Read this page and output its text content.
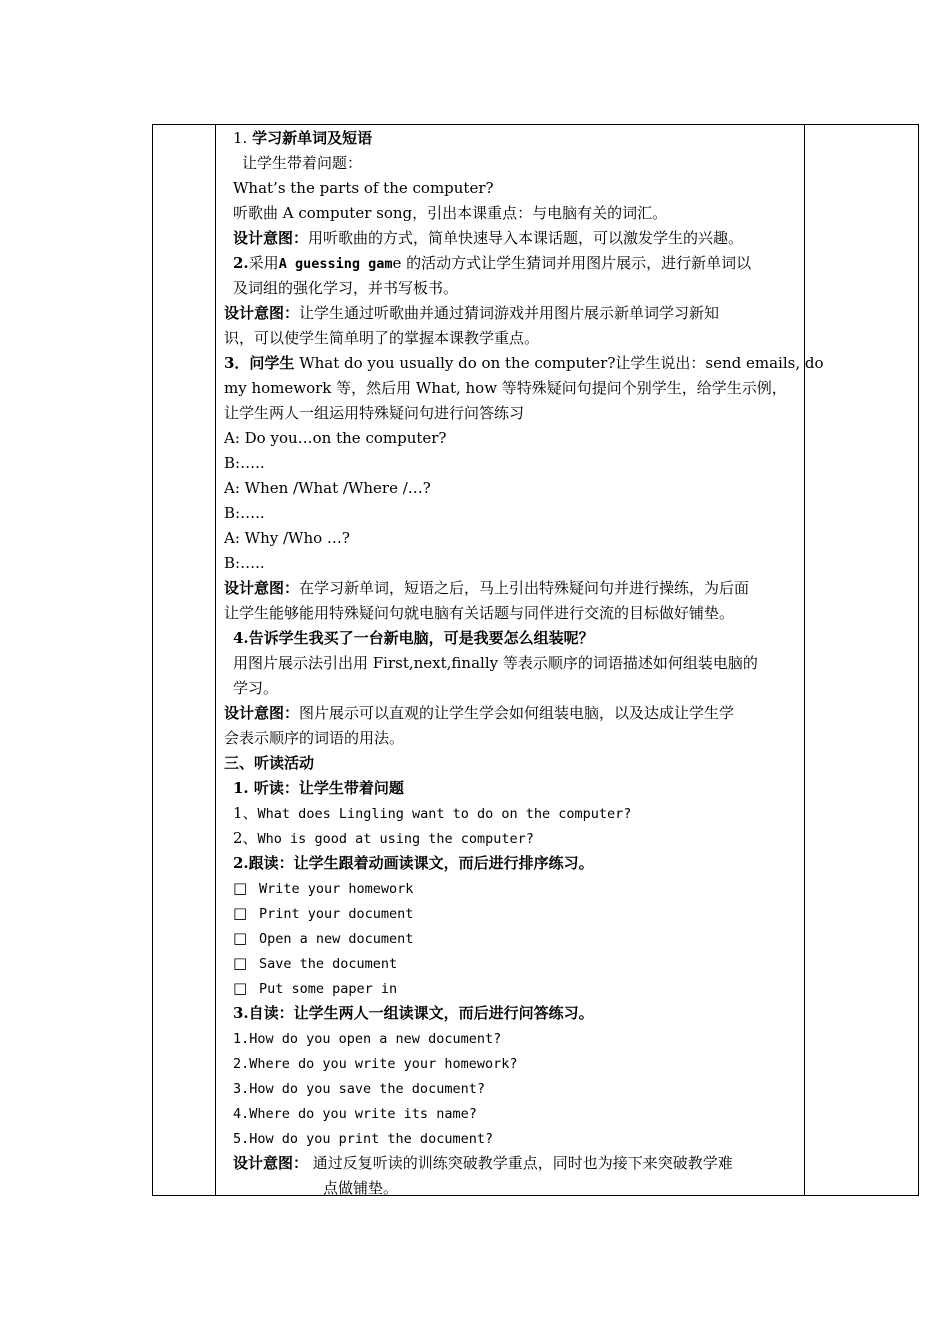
1. 学习新单词及短语
让学生带着问题：
What’s the parts of the computer?
听歌曲 A computer song，引出本课重点：与电脑有关的词汇。
设计意图：用听歌曲的方式，简单快速导入本课话题，可以激发学生的兴趣。
2.采用A guessing game 的活动方式让学生猜词并用图片展示，进行新单词以
及词组的强化学习，并书写板书。
设计意图：让学生通过听歌曲并通过猜词游戏并用图片展示新单词学习新知
识，可以使学生简单明了的掌握本课教学重点。
3．问学生 What do you usually do on the computer?让学生说出：send emails, do
my homework 等，然后用 What, how 等特殊疑问句提问个别学生，给学生示例，
让学生两人一组运用特殊疑问句进行问答练习
A: Do you…on the computer?
B:…..
A: When /What /Where /…?
B:…..
A: Why /Who …?
B:…..
设计意图：在学习新单词，短语之后，马上引出特殊疑问句并进行操练，为后面
让学生能够能用特殊疑问句就电脑有关话题与同伴进行交流的目标做好铺垫。
4.告诉学生我买了一台新电脑，可是我要怎么组装呢？
用图片展示法引出用 First,next,finally 等表示顺序的词语描述如何组装电脑的
学习。
设计意图：图片展示可以直观的让学生学会如何组装电脑，以及达成让学生学
会表示顺序的词语的用法。
三、听读活动
1. 听读：让学生带着问题
1、What does Lingling want to do on the computer?
2、Who is good at using the computer?
2.跟读：让学生跟着动画读课文，而后进行排序练习。
□ Write your homework
□ Print your document
□ Open a new document
□ Save the document
□ Put some paper in
3.自读：让学生两人一组读课文，而后进行问答练习。
1.How do you open a new document?
2.Where do you write your homework?
3.How do you save the document?
4.Where do you write its name?
5.How do you print the document?
设计意图： 通过反复听读的训练突破教学重点，同时也为接下来突破教学难
点做铺垫。
